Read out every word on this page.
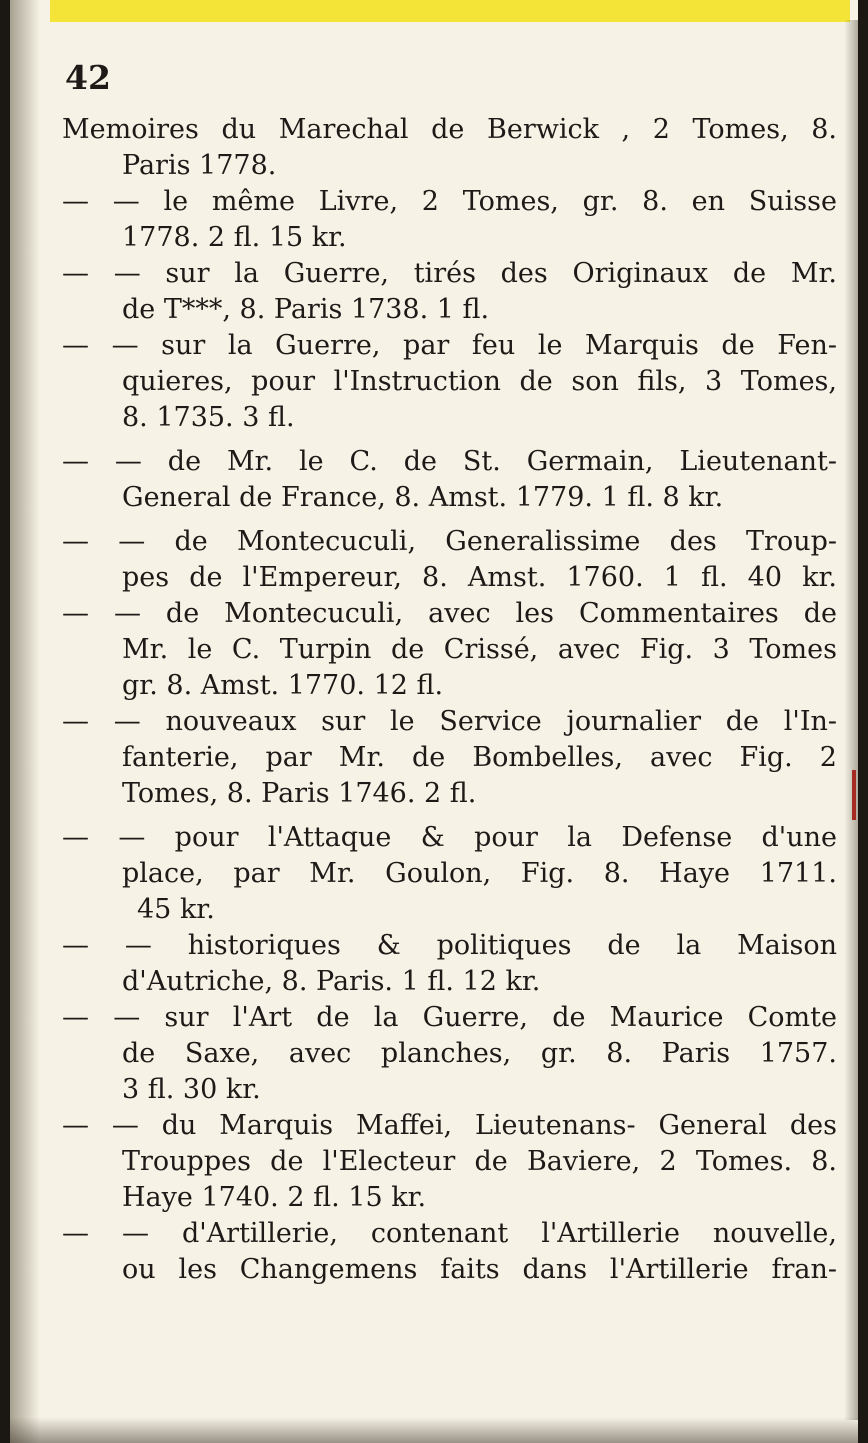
42
Memoires du Marechal de Berwick , 2 Tomes, 8.
Paris 1778.
— — le même Livre, 2 Tomes, gr. 8. en Suisse
1778. 2 fl. 15 kr.
— — sur la Guerre, tirés des Originaux de Mr.
de T***, 8. Paris 1738. 1 fl.
— — sur la Guerre, par feu le Marquis de Fen-
quieres, pour l'Instruction de son fils, 3 Tomes,
8. 1735. 3 fl.
— — de Mr. le C. de St. Germain, Lieutenant-
General de France, 8. Amst. 1779. 1 fl. 8 kr.
— — de Montecuculi, Generalissime des Troup-
pes de l'Empereur, 8. Amst. 1760. 1 fl. 40 kr.
— — de Montecuculi, avec les Commentaires de
Mr. le C. Turpin de Crissé, avec Fig. 3 Tomes
gr. 8. Amst. 1770. 12 fl.
— — nouveaux sur le Service journalier de l'In-
fanterie, par Mr. de Bombelles, avec Fig. 2
Tomes, 8. Paris 1746. 2 fl.
— — pour l'Attaque & pour la Defense d'une
place, par Mr. Goulon, Fig. 8. Haye 1711.
45 kr.
— — historiques & politiques de la Maison
d'Autriche, 8. Paris. 1 fl. 12 kr.
— — sur l'Art de la Guerre, de Maurice Comte
de Saxe, avec planches, gr. 8. Paris 1757.
3 fl. 30 kr.
— — du Marquis Maffei, Lieutenans- General des
Trouppes de l'Electeur de Baviere, 2 Tomes. 8.
Haye 1740. 2 fl. 15 kr.
— — d'Artillerie, contenant l'Artillerie nouvelle,
ou les Changemens faits dans l'Artillerie fran-
